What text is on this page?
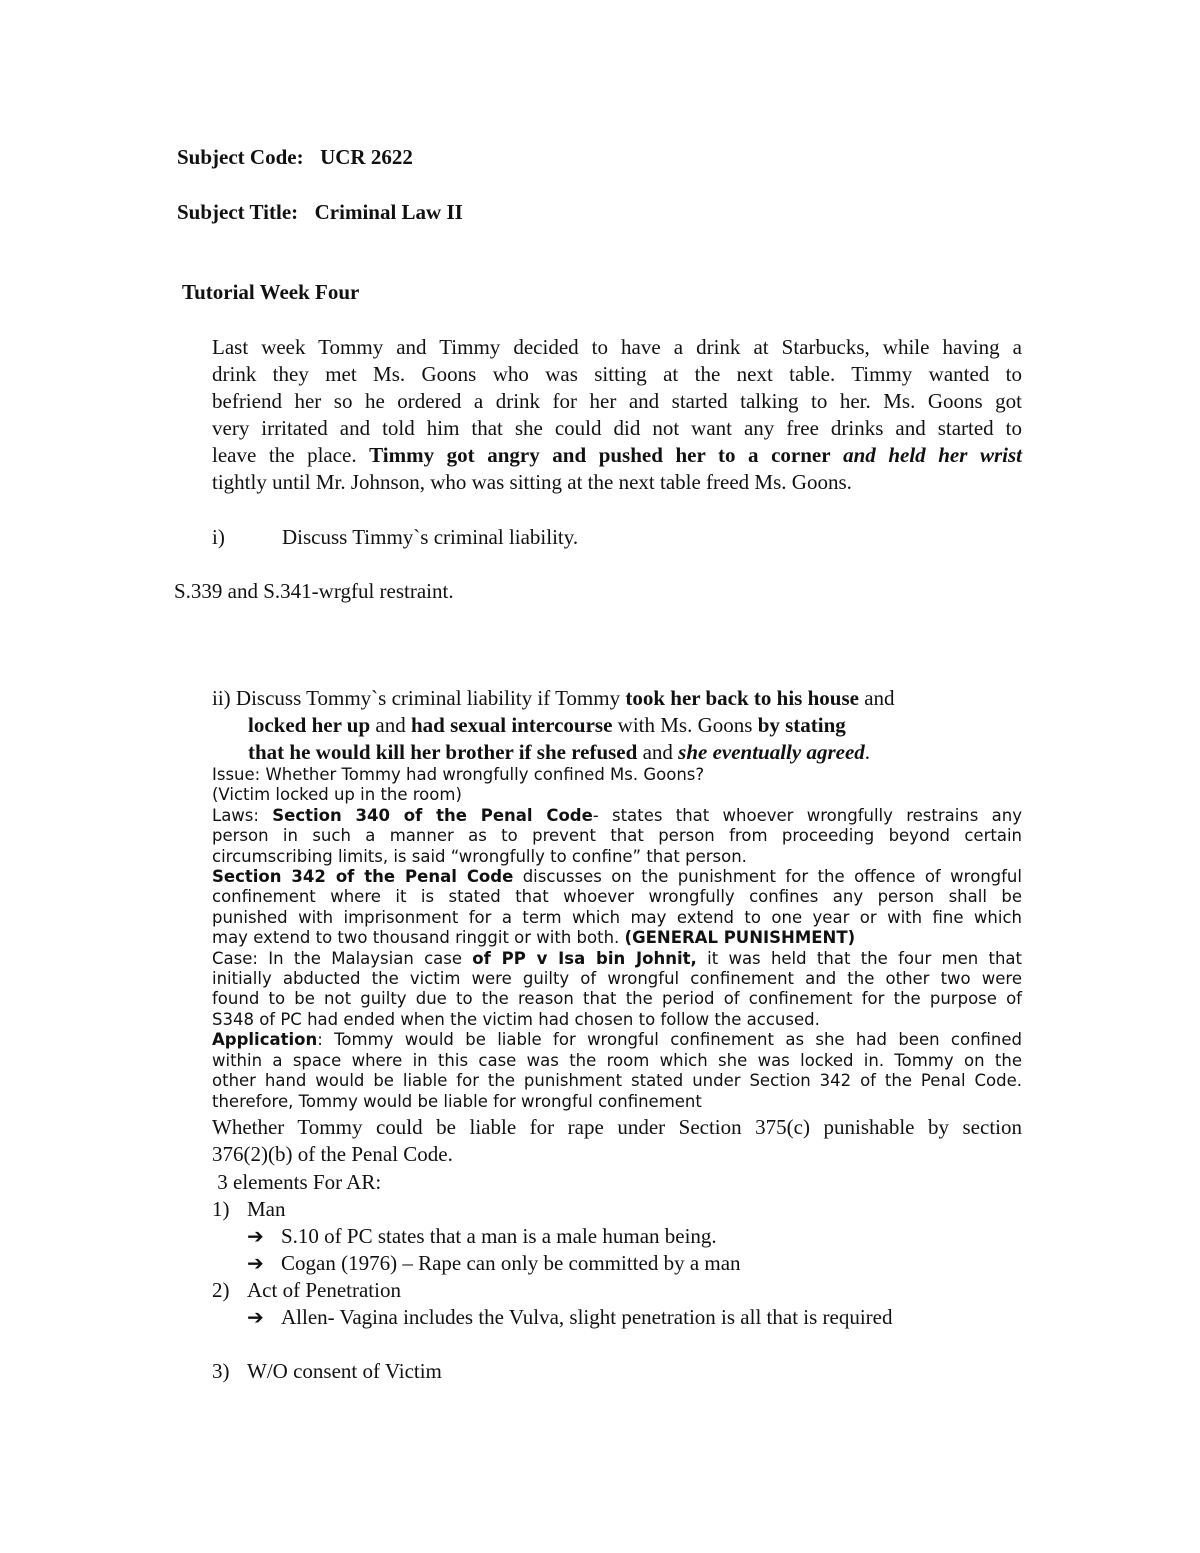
Subject Code: UCR 2622
Subject Title: Criminal Law II
Tutorial Week Four
Last week Tommy and Timmy decided to have a drink at Starbucks, while having a
drink they met Ms. Goons who was sitting at the next table. Timmy wanted to
befriend her so he ordered a drink for her and started talking to her. Ms. Goons got
very irritated and told him that she could did not want any free drinks and started to
leave the place. Timmy got angry and pushed her to a corner and held her wrist
tightly until Mr. Johnson, who was sitting at the next table freed Ms. Goons.
i)	Discuss Timmy`s criminal liability.
S.339 and S.341-wrgful restraint.
ii) Discuss Tommy`s criminal liability if Tommy took her back to his house and
locked her up and had sexual intercourse with Ms. Goons by stating
that he would kill her brother if she refused and she eventually agreed.
Issue: Whether Tommy had wrongfully confined Ms. Goons?
(Victim locked up in the room)
Laws: Section 340 of the Penal Code- states that whoever wrongfully restrains any
person in such a manner as to prevent that person from proceeding beyond certain
circumscribing limits, is said “wrongfully to confine” that person.
Section 342 of the Penal Code discusses on the punishment for the offence of wrongful
confinement where it is stated that whoever wrongfully confines any person shall be
punished with imprisonment for a term which may extend to one year or with fine which
may extend to two thousand ringgit or with both. (GENERAL PUNISHMENT)
Case: In the Malaysian case of PP v Isa bin Johnit, it was held that the four men that
initially abducted the victim were guilty of wrongful confinement and the other two were
found to be not guilty due to the reason that the period of confinement for the purpose of
S348 of PC had ended when the victim had chosen to follow the accused.
Application: Tommy would be liable for wrongful confinement as she had been confined
within a space where in this case was the room which she was locked in. Tommy on the
other hand would be liable for the punishment stated under Section 342 of the Penal Code.
therefore, Tommy would be liable for wrongful confinement
Whether Tommy could be liable for rape under Section 375(c) punishable by section
376(2)(b) of the Penal Code.
3 elements For AR:
1) Man
➔ S.10 of PC states that a man is a male human being.
➔ Cogan (1976) – Rape can only be committed by a man
2) Act of Penetration
➔ Allen- Vagina includes the Vulva, slight penetration is all that is required
3) W/O consent of Victim
